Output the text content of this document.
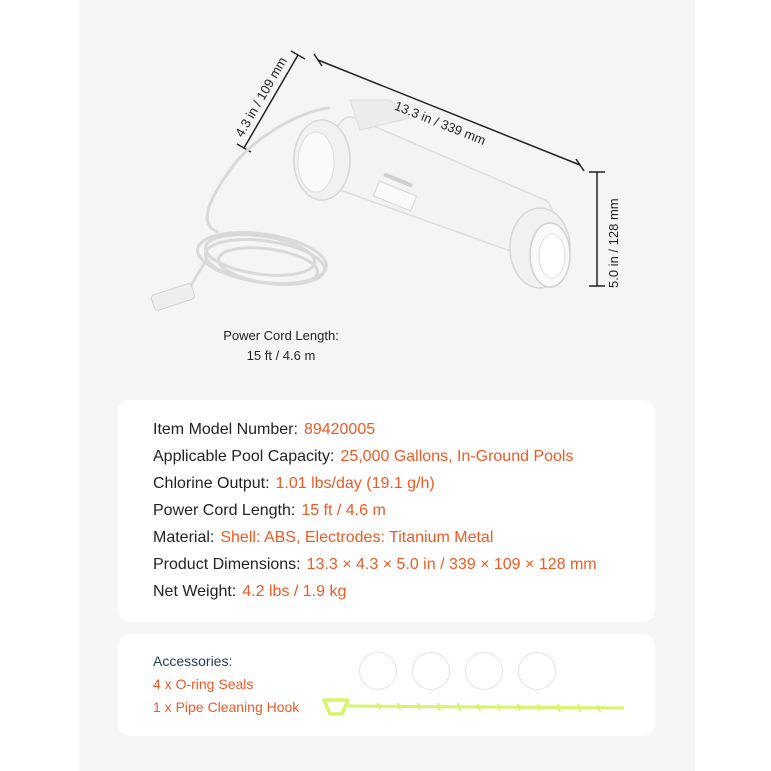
13.3 in / 339 mm
4.3 in / 109 mm
5.0 in / 128 mm
Power Cord Length:
15 ft / 4.6 m
Item Model Number: 89420005
Applicable Pool Capacity: 25,000 Gallons, In-Ground Pools
Chlorine Output: 1.01 lbs/day (19.1 g/h)
Power Cord Length: 15 ft / 4.6 m
Material: Shell: ABS, Electrodes: Titanium Metal
Product Dimensions: 13.3 × 4.3 × 5.0 in / 339 × 109 × 128 mm
Net Weight: 4.2 lbs / 1.9 kg
Accessories:
4 x O-ring Seals
1 x Pipe Cleaning Hook
